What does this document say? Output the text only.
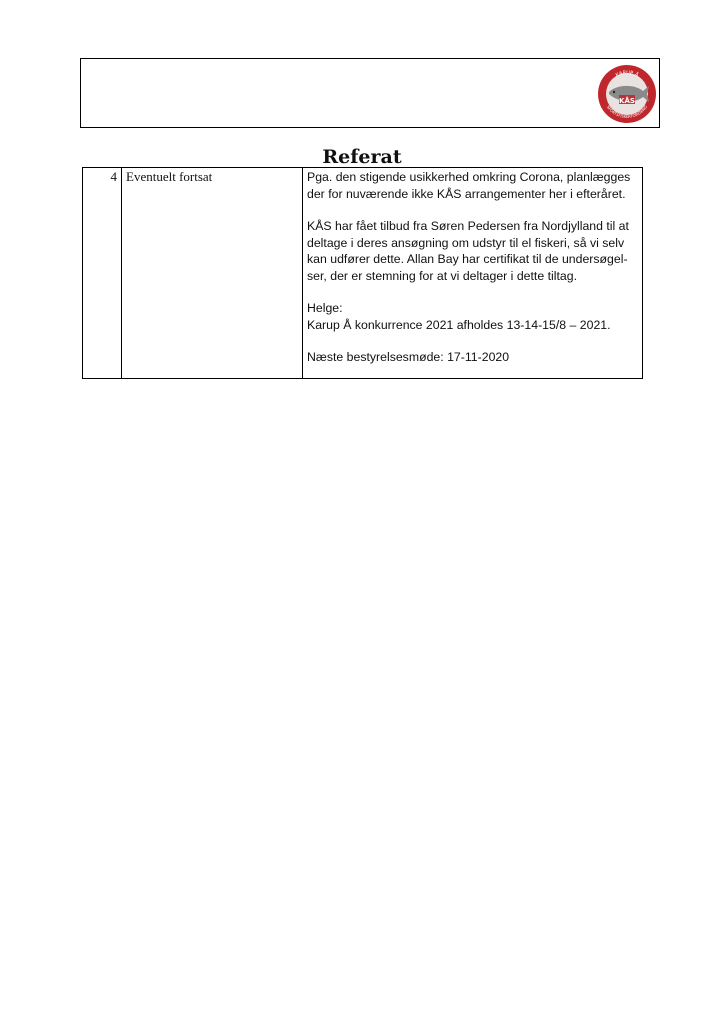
KÅS
KARUP Å
SPORTSFISKERFORENING
Referat
4	Eventuelt fortsat	Pga. den stigende usikkerhed omkring Corona, planlægges
der for nuværende ikke KÅS arrangementer her i efteråret.

KÅS har fået tilbud fra Søren Pedersen fra Nordjylland til at
deltage i deres ansøgning om udstyr til el fiskeri, så vi selv
kan udfører dette. Allan Bay har certifikat til de undersøgel-
ser, der er stemning for at vi deltager i dette tiltag.

Helge:
Karup Å konkurrence 2021 afholdes 13-14-15/8 – 2021.

Næste bestyrelsesmøde: 17-11-2020
